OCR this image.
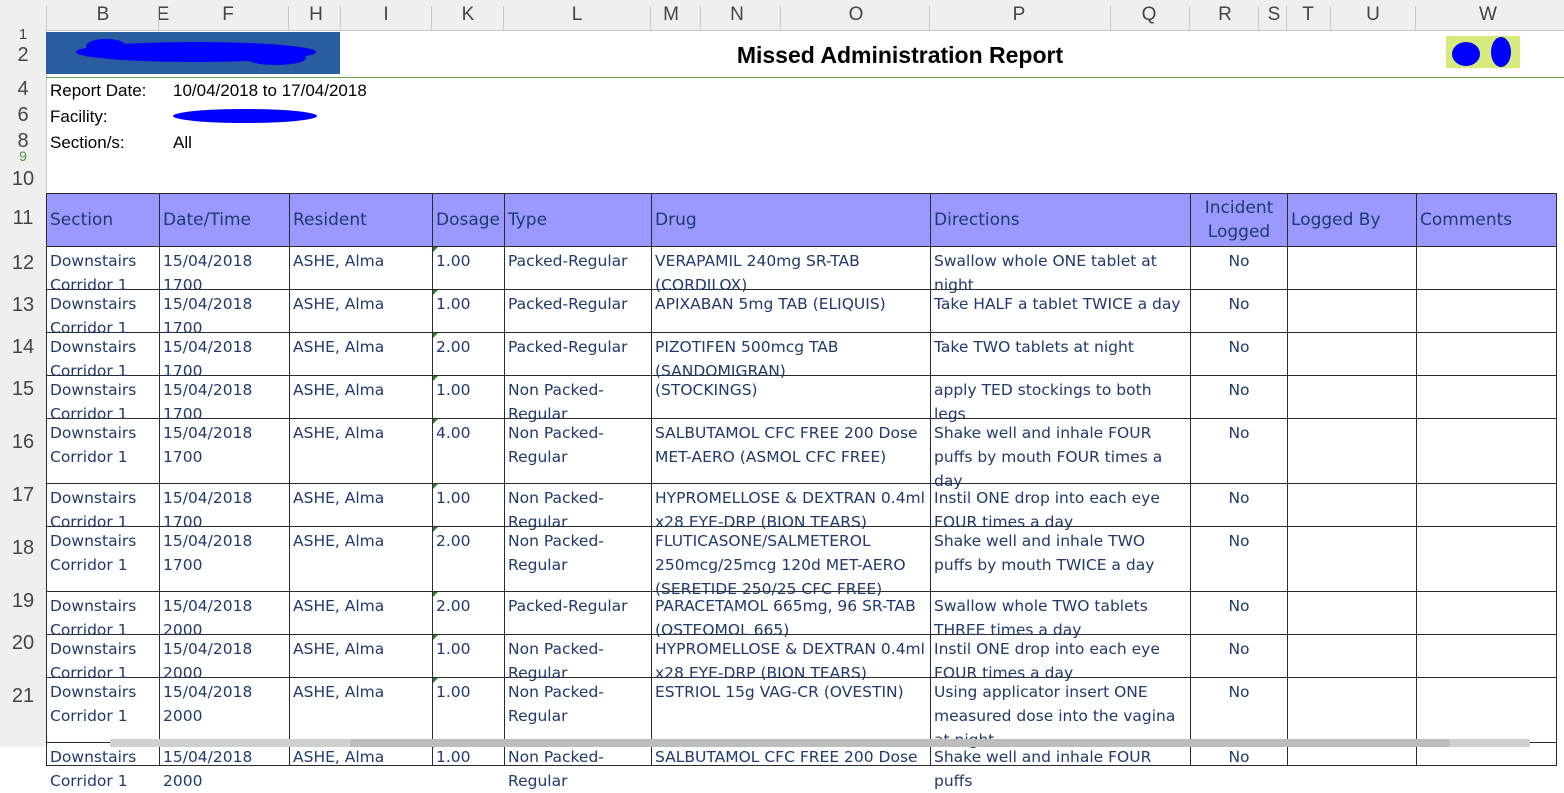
B	E	F	H	I	K	L	M	N	O	P	Q	R	S	T	U	W
1
2
4
6
8
9
10
11
12
13
14
15
16
17
18
19
20
21
Missed Administration Report
Report Date: 10/04/2018 to 17/04/2018
Facility:
Section/s:	All
Section	Date/Time	Resident	Dosage	Type	Drug	Directions	Incident Logged	Logged By	Comments

Downstairs Corridor 1	15/04/2018 1700	ASHE, Alma	1.00	Packed-Regular	VERAPAMIL 240mg SR-TAB (CORDILOX)	Swallow whole ONE tablet at night	No		

Downstairs Corridor 1	15/04/2018 1700	ASHE, Alma	1.00	Packed-Regular	APIXABAN 5mg TAB (ELIQUIS)	Take HALF a tablet TWICE a day	No		

Downstairs Corridor 1	15/04/2018 1700	ASHE, Alma	2.00	Packed-Regular	PIZOTIFEN 500mcg TAB (SANDOMIGRAN)	Take TWO tablets at night	No		

Downstairs Corridor 1	15/04/2018 1700	ASHE, Alma	1.00	Non Packed-Regular	(STOCKINGS)	apply TED stockings to both legs	No		

Downstairs Corridor 1	15/04/2018 1700	ASHE, Alma	4.00	Non Packed-Regular	SALBUTAMOL CFC FREE 200 Dose MET-AERO (ASMOL CFC FREE)	Shake well and inhale FOUR puffs by mouth FOUR times a day	No		

Downstairs Corridor 1	15/04/2018 1700	ASHE, Alma	1.00	Non Packed-Regular	HYPROMELLOSE & DEXTRAN 0.4ml x28 EYE-DRP (BION TEARS)	Instil ONE drop into each eye FOUR times a day	No		

Downstairs Corridor 1	15/04/2018 1700	ASHE, Alma	2.00	Non Packed-Regular	FLUTICASONE/SALMETEROL 250mcg/25mcg 120d MET-AERO (SERETIDE 250/25 CFC FREE)	Shake well and inhale TWO puffs by mouth TWICE a day	No		

Downstairs Corridor 1	15/04/2018 2000	ASHE, Alma	2.00	Packed-Regular	PARACETAMOL 665mg, 96 SR-TAB (OSTEOMOL 665)	Swallow whole TWO tablets THREE times a day	No		

Downstairs Corridor 1	15/04/2018 2000	ASHE, Alma	1.00	Non Packed-Regular	HYPROMELLOSE & DEXTRAN 0.4ml x28 EYE-DRP (BION TEARS)	Instil ONE drop into each eye FOUR times a day	No		

Downstairs Corridor 1	15/04/2018 2000	ASHE, Alma	1.00	Non Packed-Regular	ESTRIOL 15g VAG-CR (OVESTIN)	Using applicator insert ONE measured dose into the vagina	No		

Downstairs Corridor 1	15/04/2018 2000	ASHE, Alma	1.00	Non Packed-Regular	SALBUTAMOL CFC FREE 200 Dose	Shake well and inhale FOUR puffs	No		
